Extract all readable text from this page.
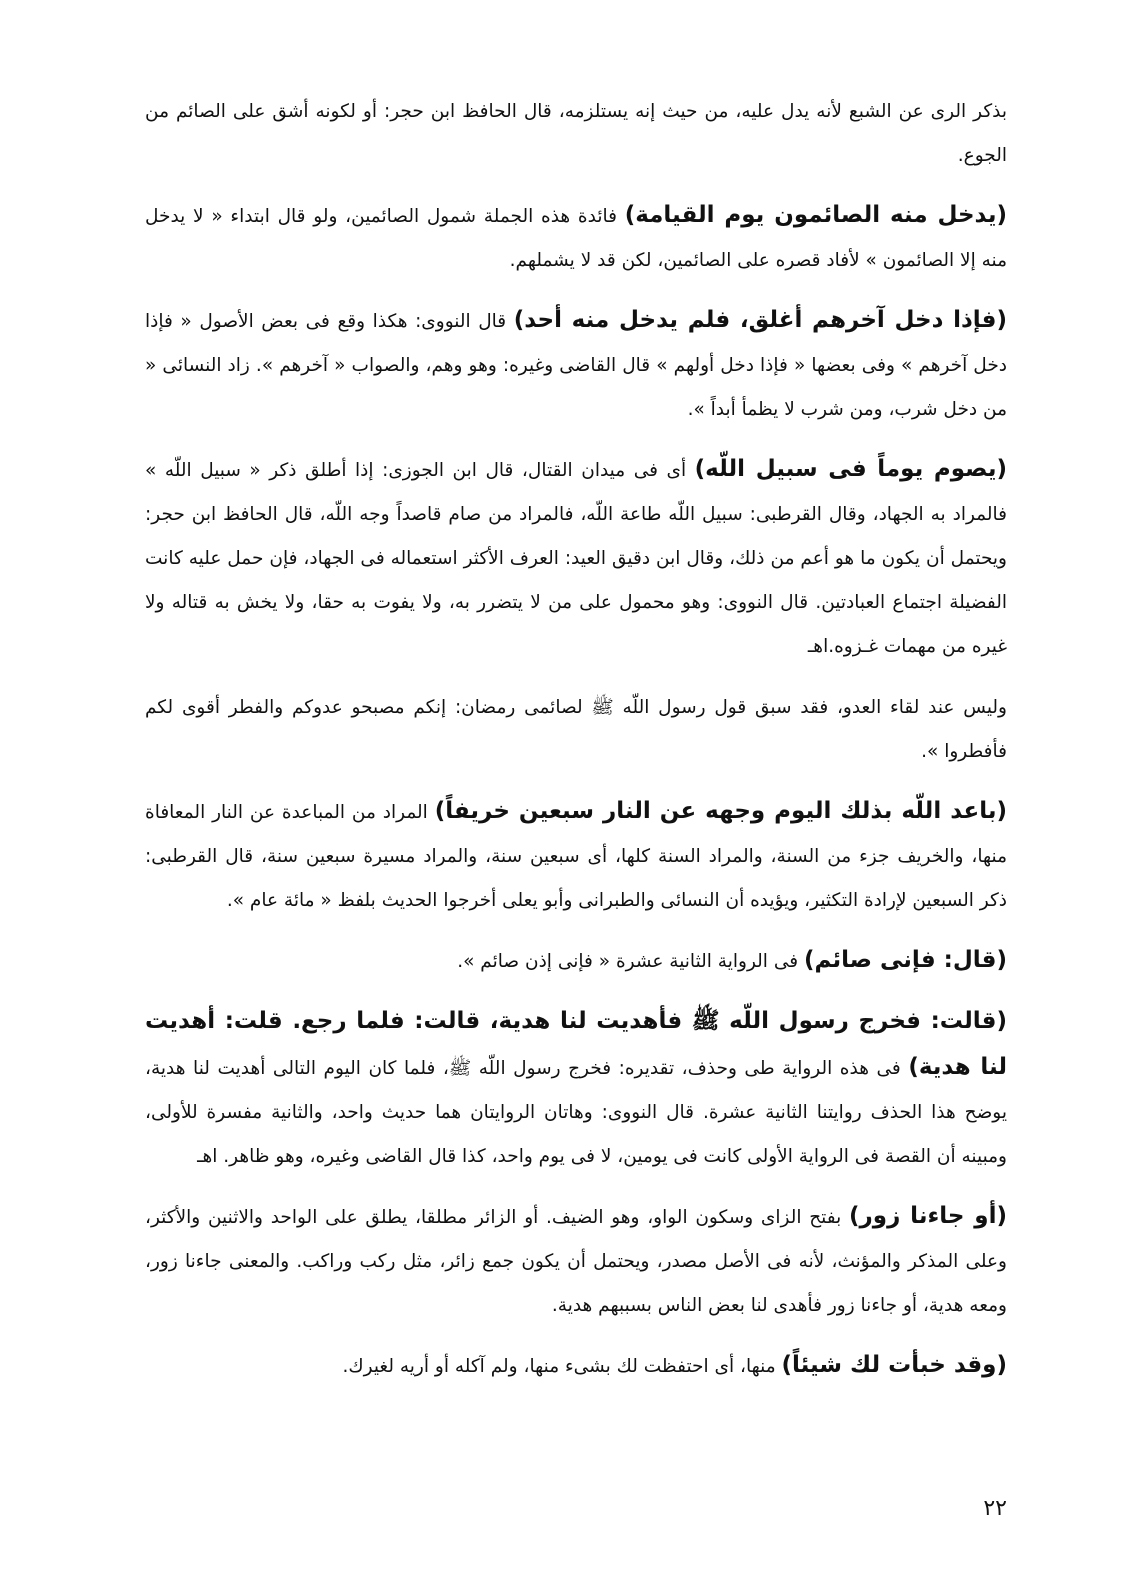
بذكر الرى عن الشبع لأنه يدل عليه، من حيث إنه يستلزمه، قال الحافظ ابن حجر: أو لكونه أشق على الصائم من الجوع.

(يدخل منه الصائمون يوم القيامة) فائدة هذه الجملة شمول الصائمين، ولو قال ابتداء « لا يدخل منه إلا الصائمون » لأفاد قصره على الصائمين، لكن قد لا يشملهم.

(فإذا دخل آخرهم أغلق، فلم يدخل منه أحد) قال النووى: هكذا وقع فى بعض الأصول « فإذا دخل آخرهم » وفى بعضها « فإذا دخل أولهم » قال القاضى وغيره: وهو وهم، والصواب « آخرهم ». زاد النسائى « من دخل شرب، ومن شرب لا يظمأ أبداً ».

(يصوم يوماً فى سبيل اللّه) أى فى ميدان القتال، قال ابن الجوزى: إذا أطلق ذكر « سبيل اللّه » فالمراد به الجهاد، وقال القرطبى: سبيل اللّه طاعة اللّه، فالمراد من صام قاصداً وجه اللّه، قال الحافظ ابن حجر: ويحتمل أن يكون ما هو أعم من ذلك، وقال ابن دقيق العيد: العرف الأكثر استعماله فى الجهاد، فإن حمل عليه كانت الفضيلة اجتماع العبادتين. قال النووى: وهو محمول على من لا يتضرر به، ولا يفوت به حقا، ولا يخش به قتاله ولا غيره من مهمات غـزوه.اهـ

وليس عند لقاء العدو، فقد سبق قول رسول اللّه ﷺ لصائمى رمضان: إنكم مصبحو عدوكم والفطر أقوى لكم فأفطروا ».

(باعد اللّه بذلك اليوم وجهه عن النار سبعين خريفاً) المراد من المباعدة عن النار المعافاة منها، والخريف جزء من السنة، والمراد السنة كلها، أى سبعين سنة، والمراد مسيرة سبعين سنة، قال القرطبى: ذكر السبعين لإرادة التكثير، ويؤيده أن النسائى والطبرانى وأبو يعلى أخرجوا الحديث بلفظ « مائة عام ».

(قال: فإنى صائم) فى الرواية الثانية عشرة « فإنى إذن صائم ».

(قالت: فخرج رسول اللّه ﷺ فأهديت لنا هدية، قالت: فلما رجع. قلت: أهديت لنا هدية) فى هذه الرواية طى وحذف، تقديره: فخرج رسول اللّه ﷺ، فلما كان اليوم التالى أهديت لنا هدية، يوضح هذا الحذف روايتنا الثانية عشرة. قال النووى: وهاتان الروايتان هما حديث واحد، والثانية مفسرة للأولى، ومبينه أن القصة فى الرواية الأولى كانت فى يومين، لا فى يوم واحد، كذا قال القاضى وغيره، وهو ظاهر. اهـ

(أو جاءنا زور) بفتح الزاى وسكون الواو، وهو الضيف. أو الزائر مطلقا، يطلق على الواحد والاثنين والأكثر، وعلى المذكر والمؤنث، لأنه فى الأصل مصدر، ويحتمل أن يكون جمع زائر، مثل ركب وراكب. والمعنى جاءنا زور، ومعه هدية، أو جاءنا زور فأهدى لنا بعض الناس بسببهم هدية.

(وقد خبأت لك شيئاً) منها، أى احتفظت لك بشىء منها، ولم آكله أو أريه لغيرك.

٢٢
